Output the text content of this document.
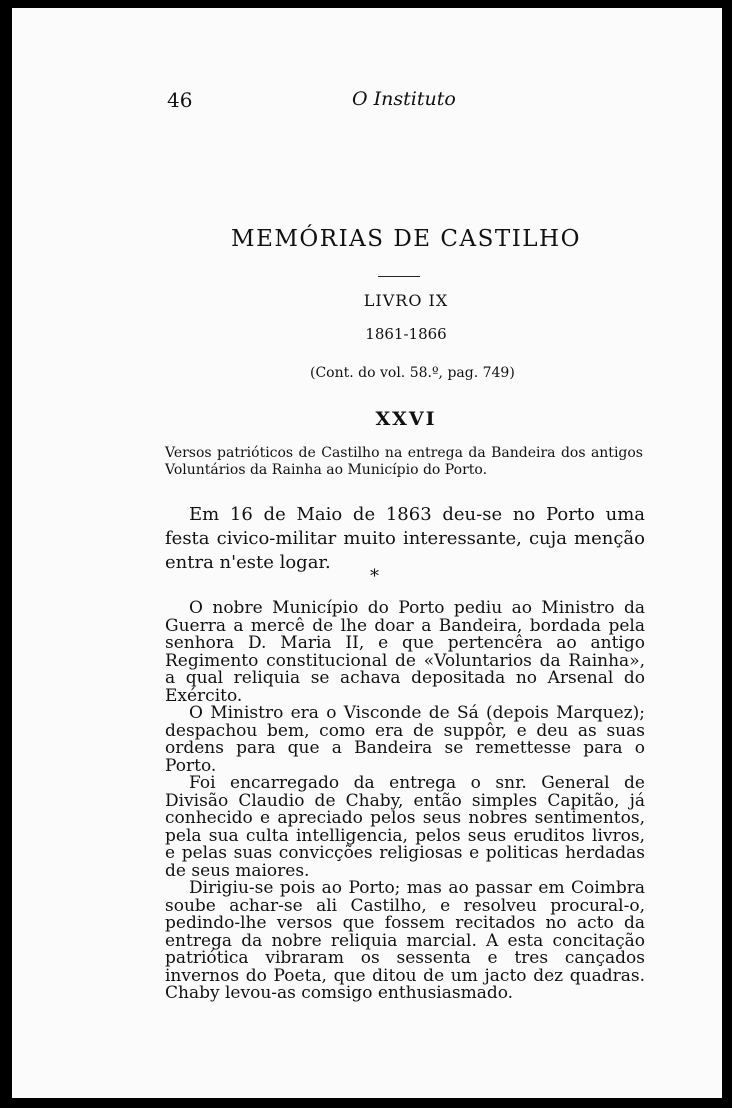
46	O Instituto
MEMÓRIAS DE CASTILHO
LIVRO IX
1861-1866
(Cont. do vol. 58.º, pag. 749)
XXVI
Versos patrióticos de Castilho na entrega da Bandeira dos antigos Voluntários da Rainha ao Município do Porto.
Em 16 de Maio de 1863 deu-se no Porto uma festa civico-militar muito interessante, cuja menção entra n'este logar.
*

O nobre Município do Porto pediu ao Ministro da Guerra a mercê de lhe doar a Bandeira, bordada pela senhora D. Maria II, e que pertencêra ao antigo Regimento constitucional de «Voluntarios da Rainha», a qual reliquia se achava depositada no Arsenal do Exército.

O Ministro era o Visconde de Sá (depois Marquez); despachou bem, como era de suppôr, e deu as suas ordens para que a Bandeira se remettesse para o Porto.

Foi encarregado da entrega o snr. General de Divisão Claudio de Chaby, então simples Capitão, já conhecido e apreciado pelos seus nobres sentimentos, pela sua culta intelligencia, pelos seus eruditos livros, e pelas suas convicções religiosas e politicas herdadas de seus maiores.

Dirigiu-se pois ao Porto; mas ao passar em Coimbra soube achar-se ali Castilho, e resolveu procural-o, pedindo-lhe versos que fossem recitados no acto da entrega da nobre reliquia marcial. A esta concitação patriótica vibraram os sessenta e tres cançados invernos do Poeta, que ditou de um jacto dez quadras. Chaby levou-as comsigo enthusiasmado.
